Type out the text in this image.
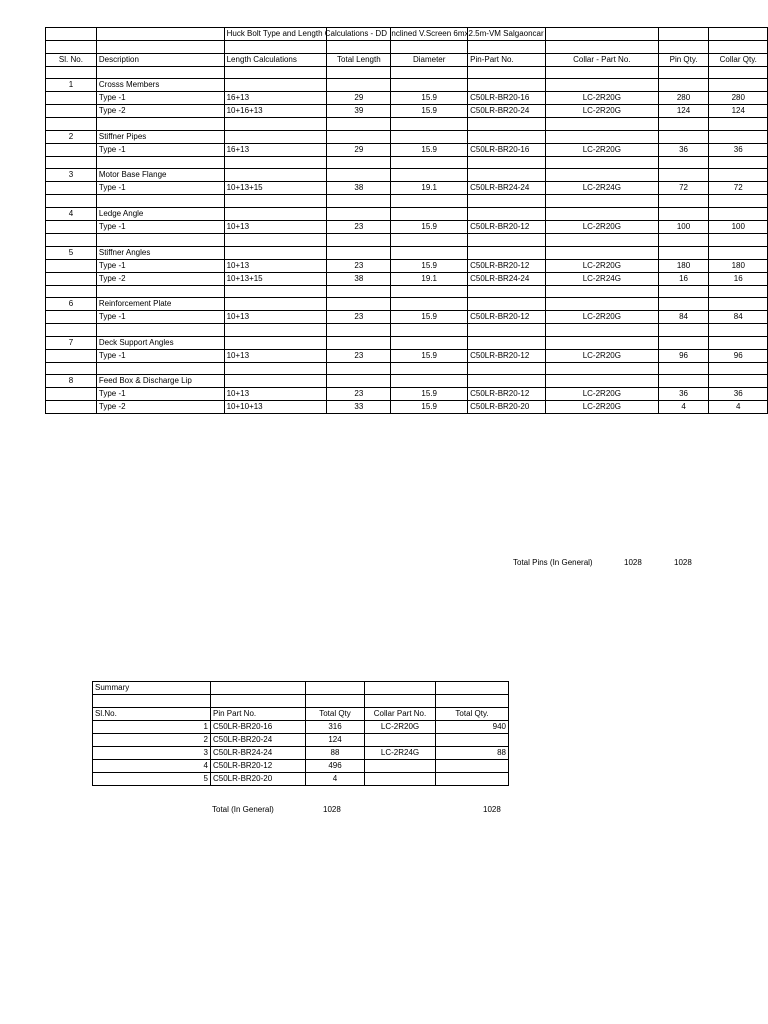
		Huck Bolt Type and Length Calculations - DD Inclined V.Screen 6mx2.5m-VM Salgaoncar						

Sl. No.	Description	Length Calculations	Total Length	Diameter	Pin-Part No.	Collar - Part No.	Pin Qty.	Collar Qty.

1	Crosss Members							
	Type -1	16+13	29	15.9	C50LR-BR20-16	LC-2R20G	280	280
	Type -2	10+16+13	39	15.9	C50LR-BR20-24	LC-2R20G	124	124

2	Stiffner Pipes							
	Type -1	16+13	29	15.9	C50LR-BR20-16	LC-2R20G	36	36

3	Motor Base Flange							
	Type -1	10+13+15	38	19.1	C50LR-BR24-24	LC-2R24G	72	72

4	Ledge Angle							
	Type -1	10+13	23	15.9	C50LR-BR20-12	LC-2R20G	100	100

5	Stiffner Angles							
	Type -1	10+13	23	15.9	C50LR-BR20-12	LC-2R20G	180	180
	Type -2	10+13+15	38	19.1	C50LR-BR24-24	LC-2R24G	16	16

6	Reinforcement Plate							
	Type -1	10+13	23	15.9	C50LR-BR20-12	LC-2R20G	84	84

7	Deck Support Angles							
	Type -1	10+13	23	15.9	C50LR-BR20-12	LC-2R20G	96	96

8	Feed Box & Discharge Lip							
	Type -1	10+13	23	15.9	C50LR-BR20-12	LC-2R20G	36	36
	Type -2	10+10+13	33	15.9	C50LR-BR20-20	LC-2R20G	4	4
Total Pins (In General)	1028	1028
Summary				

Sl.No.	Pin Part No.	Total Qty	Collar Part No.	Total Qty.
1	C50LR-BR20-16	316	LC-2R20G	940
2	C50LR-BR20-24	124		
3	C50LR-BR24-24	88	LC-2R24G	88
4	C50LR-BR20-12	496		
5	C50LR-BR20-20	4		
Total (In General)	1028	1028
